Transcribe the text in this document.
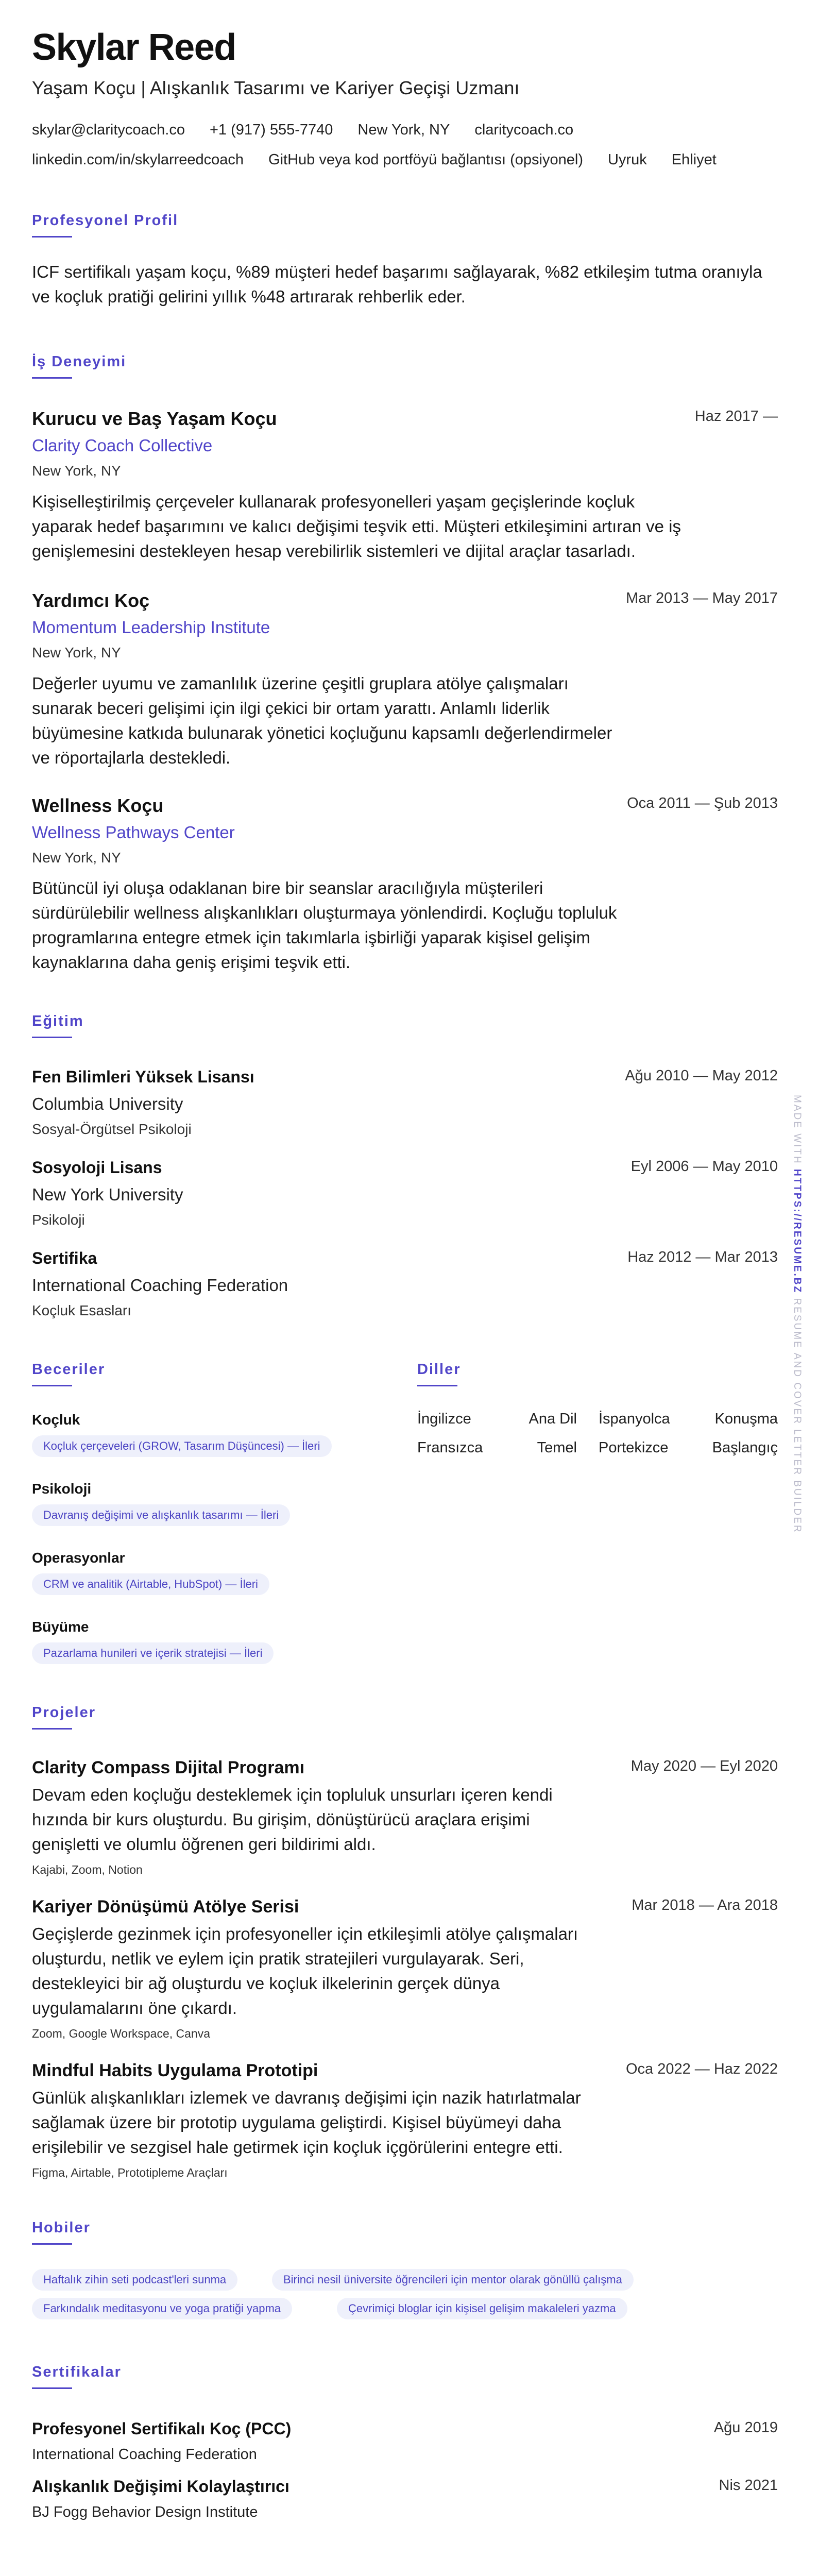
Skylar Reed
Yaşam Koçu | Alışkanlık Tasarımı ve Kariyer Geçişi Uzmanı
skylar@claritycoach.co +1 (917) 555-7740 New York, NY claritycoach.co
linkedin.com/in/skylarreedcoach GitHub veya kod portföyü bağlantısı (opsiyonel) Uyruk Ehliyet
Profesyonel Profil
ICF sertifikalı yaşam koçu, %89 müşteri hedef başarımı sağlayarak, %82 etkileşim tutma oranıyla ve koçluk pratiği gelirini yıllık %48 artırarak rehberlik eder.
İş Deneyimi
Kurucu ve Baş Yaşam Koçu	Haz 2017 —
Clarity Coach Collective
New York, NY
Kişiselleştirilmiş çerçeveler kullanarak profesyonelleri yaşam geçişlerinde koçluk yaparak hedef başarımını ve kalıcı değişimi teşvik etti. Müşteri etkileşimini artıran ve iş genişlemesini destekleyen hesap verebilirlik sistemleri ve dijital araçlar tasarladı.
Yardımcı Koç	Mar 2013 — May 2017
Momentum Leadership Institute
New York, NY
Değerler uyumu ve zamanlılık üzerine çeşitli gruplara atölye çalışmaları sunarak beceri gelişimi için ilgi çekici bir ortam yarattı. Anlamlı liderlik büyümesine katkıda bulunarak yönetici koçluğunu kapsamlı değerlendirmeler ve röportajlarla destekledi.
Wellness Koçu	Oca 2011 — Şub 2013
Wellness Pathways Center
New York, NY
Bütüncül iyi oluşa odaklanan bire bir seanslar aracılığıyla müşterileri sürdürülebilir wellness alışkanlıkları oluşturmaya yönlendirdi. Koçluğu topluluk programlarına entegre etmek için takımlarla işbirliği yaparak kişisel gelişim kaynaklarına daha geniş erişimi teşvik etti.
Eğitim
Fen Bilimleri Yüksek Lisansı	Ağu 2010 — May 2012
Columbia University
Sosyal-Örgütsel Psikoloji
Sosyoloji Lisans	Eyl 2006 — May 2010
New York University
Psikoloji
Sertifika	Haz 2012 — Mar 2013
International Coaching Federation
Koçluk Esasları
Beceriler
Koçluk
Koçluk çerçeveleri (GROW, Tasarım Düşüncesi) — İleri
Psikoloji
Davranış değişimi ve alışkanlık tasarımı — İleri
Operasyonlar
CRM ve analitik (Airtable, HubSpot) — İleri
Büyüme
Pazarlama hunileri ve içerik stratejisi — İleri
Diller
İngilizce	Ana Dil İspanyolca	Konuşma
Fransızca	Temel Portekizce	Başlangıç
Projeler
Clarity Compass Dijital Programı	May 2020 — Eyl 2020
Devam eden koçluğu desteklemek için topluluk unsurları içeren kendi hızında bir kurs oluşturdu. Bu girişim, dönüştürücü araçlara erişimi genişletti ve olumlu öğrenen geri bildirimi aldı.
Kajabi, Zoom, Notion
Kariyer Dönüşümü Atölye Serisi	Mar 2018 — Ara 2018
Geçişlerde gezinmek için profesyoneller için etkileşimli atölye çalışmaları oluşturdu, netlik ve eylem için pratik stratejileri vurgulayarak. Seri, destekleyici bir ağ oluşturdu ve koçluk ilkelerinin gerçek dünya uygulamalarını öne çıkardı.
Zoom, Google Workspace, Canva
Mindful Habits Uygulama Prototipi	Oca 2022 — Haz 2022
Günlük alışkanlıkları izlemek ve davranış değişimi için nazik hatırlatmalar sağlamak üzere bir prototip uygulama geliştirdi. Kişisel büyümeyi daha erişilebilir ve sezgisel hale getirmek için koçluk içgörülerini entegre etti.
Figma, Airtable, Prototipleme Araçları
Hobiler
Haftalık zihin seti podcast'leri sunma	Birinci nesil üniversite öğrencileri için mentor olarak gönüllü çalışma
Farkındalık meditasyonu ve yoga pratiği yapma	Çevrimiçi bloglar için kişisel gelişim makaleleri yazma
Sertifikalar
Profesyonel Sertifikalı Koç (PCC)	Ağu 2019
International Coaching Federation
Alışkanlık Değişimi Kolaylaştırıcı	Nis 2021
BJ Fogg Behavior Design Institute
MADE WITH HTTPS://RESUME.BZ RESUME AND COVER LETTER BUILDER
